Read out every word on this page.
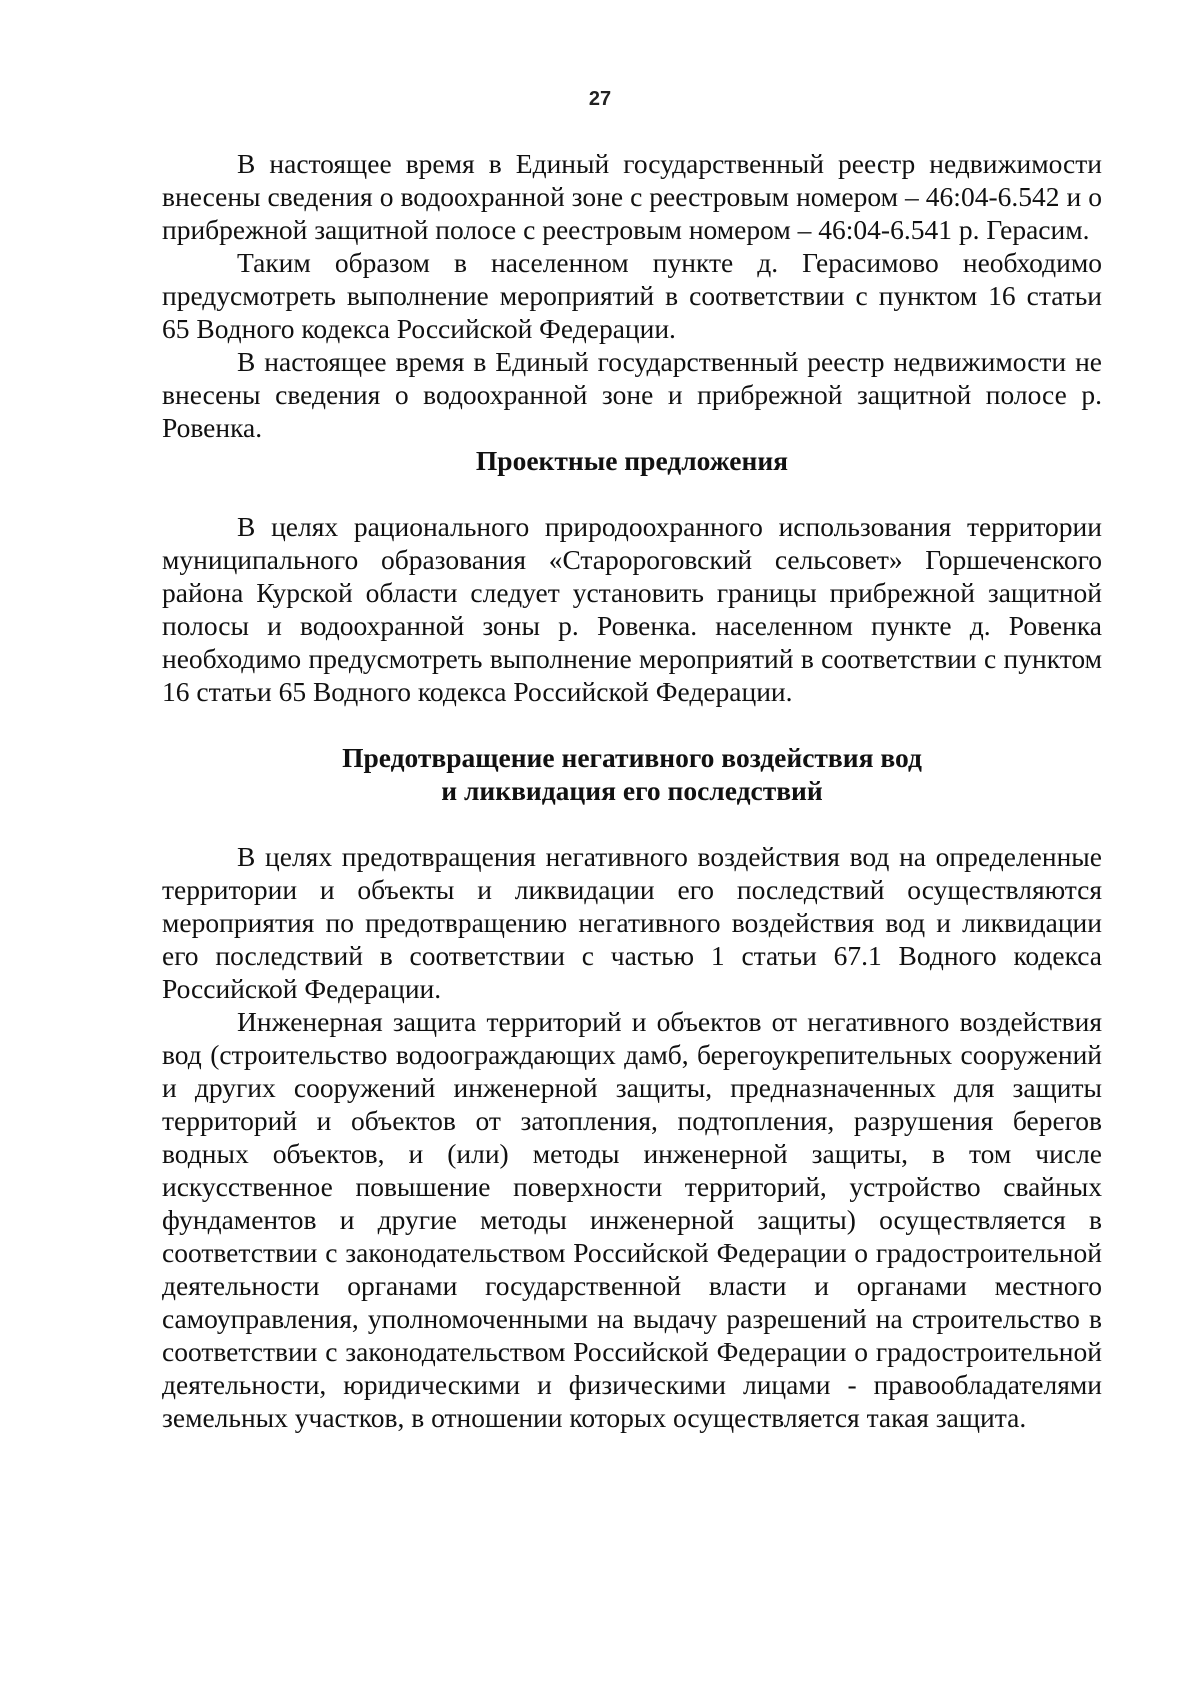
27

В настоящее время в Единый государственный реестр недвижимости внесены сведения о водоохранной зоне с реестровым номером – 46:04-6.542 и о прибрежной защитной полосе с реестровым номером – 46:04-6.541 р. Герасим.

Таким образом в населенном пункте д. Герасимово необходимо предусмотреть выполнение мероприятий в соответствии с пунктом 16 статьи 65 Водного кодекса Российской Федерации.

В настоящее время в Единый государственный реестр недвижимости не внесены сведения о водоохранной зоне и прибрежной защитной полосе р. Ровенка.

Проектные предложения

В целях рационального природоохранного использования территории муниципального образования «Старороговский сельсовет» Горшеченского района Курской области следует установить границы прибрежной защитной полосы и водоохранной зоны р. Ровенка. населенном пункте д. Ровенка необходимо предусмотреть выполнение мероприятий в соответствии с пунктом 16 статьи 65 Водного кодекса Российской Федерации.

Предотвращение негативного воздействия вод
и ликвидация его последствий

В целях предотвращения негативного воздействия вод на определенные территории и объекты и ликвидации его последствий осуществляются мероприятия по предотвращению негативного воздействия вод и ликвидации его последствий в соответствии с частью 1 статьи 67.1 Водного кодекса Российской Федерации.

Инженерная защита территорий и объектов от негативного воздействия вод (строительство водоограждающих дамб, берегоукрепительных сооружений и других сооружений инженерной защиты, предназначенных для защиты территорий и объектов от затопления, подтопления, разрушения берегов водных объектов, и (или) методы инженерной защиты, в том числе искусственное повышение поверхности территорий, устройство свайных фундаментов и другие методы инженерной защиты) осуществляется в соответствии с законодательством Российской Федерации о градостроительной деятельности органами государственной власти и органами местного самоуправления, уполномоченными на выдачу разрешений на строительство в соответствии с законодательством Российской Федерации о градостроительной деятельности, юридическими и физическими лицами - правообладателями земельных участков, в отношении которых осуществляется такая защита.
